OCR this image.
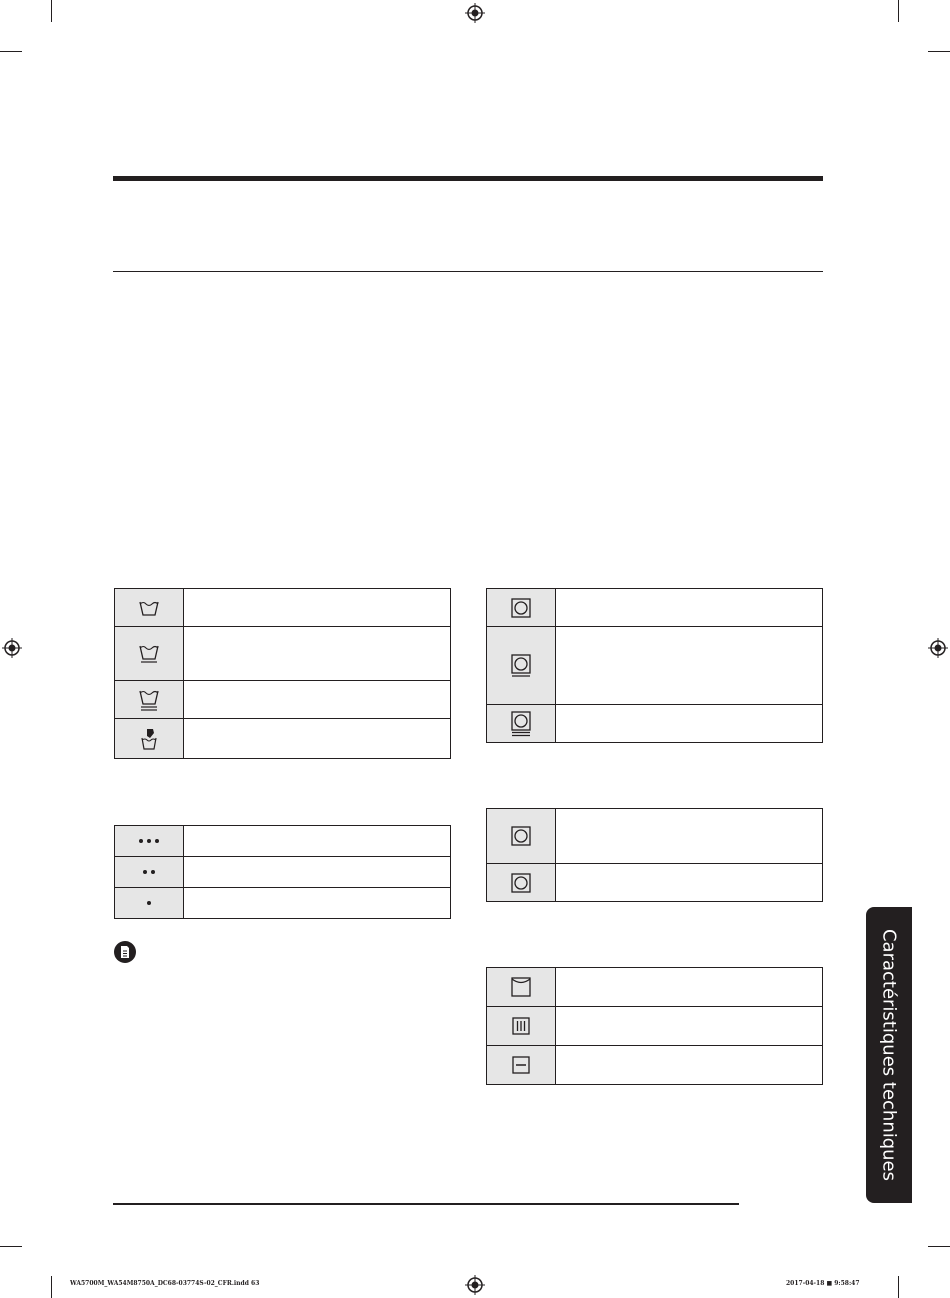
Caractéristiques techniques
WA5700M_WA54M8750A_DC68-03774S-02_CFR.indd 63	2017-04-18 ■ 9:58:47
